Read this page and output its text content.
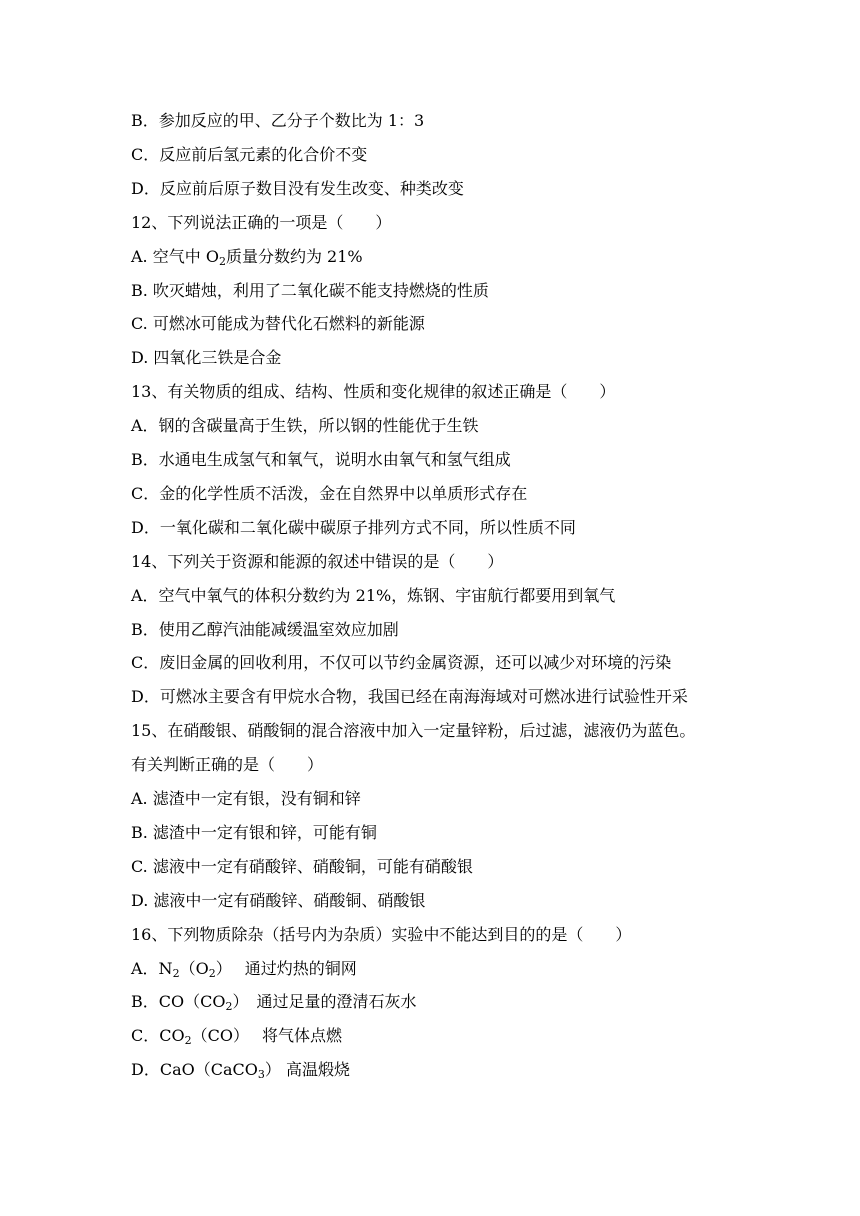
B．参加反应的甲、乙分子个数比为 1：3
C．反应前后氢元素的化合价不变
D．反应前后原子数目没有发生改变、种类改变
12、下列说法正确的一项是（　　）
A. 空气中 $O_2$质量分数约为 21%
B. 吹灭蜡烛，利用了二氧化碳不能支持燃烧的性质
C. 可燃冰可能成为替代化石燃料的新能源
D. 四氧化三铁是合金
13、有关物质的组成、结构、性质和变化规律的叙述正确是（　　）
A．钢的含碳量高于生铁，所以钢的性能优于生铁
B．水通电生成氢气和氧气，说明水由氧气和氢气组成
C．金的化学性质不活泼，金在自然界中以单质形式存在
D．一氧化碳和二氧化碳中碳原子排列方式不同，所以性质不同
14、下列关于资源和能源的叙述中错误的是（　　）
A．空气中氧气的体积分数约为 21%，炼钢、宇宙航行都要用到氧气
B．使用乙醇汽油能减缓温室效应加剧
C．废旧金属的回收利用，不仅可以节约金属资源，还可以减少对环境的污染
D．可燃冰主要含有甲烷水合物，我国已经在南海海域对可燃冰进行试验性开采
15、在硝酸银、硝酸铜的混合溶液中加入一定量锌粉，后过滤，滤液仍为蓝色。
有关判断正确的是（　　）
A. 滤渣中一定有银，没有铜和锌
B. 滤渣中一定有银和锌，可能有铜
C. 滤液中一定有硝酸锌、硝酸铜，可能有硝酸银
D. 滤液中一定有硝酸锌、硝酸铜、硝酸银
16、下列物质除杂（括号内为杂质）实验中不能达到目的的是（　　）
A．$N_2(O_2)$　 通过灼热的铜网
B．$CO(CO_2)$　通过足量的澄清石灰水
C．$CO_2(CO)$　 将气体点燃
D．CaO（CaCO$_3$） 高温煅烧
